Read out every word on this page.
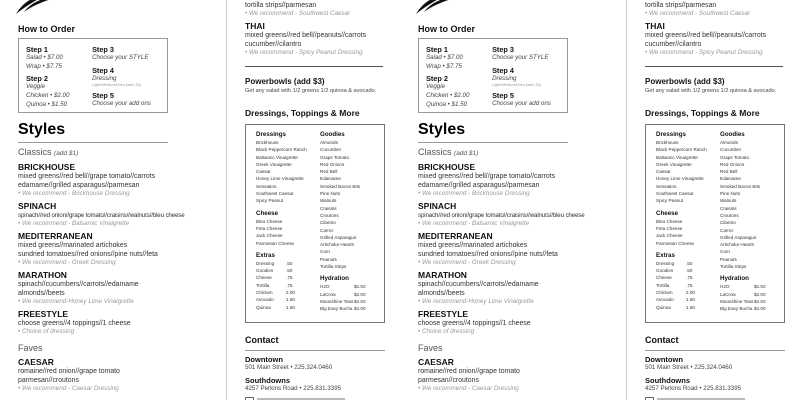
How to Order
Step 1
Salad • $7.00
Wrap • $7.75
Step 2
Veggie
Chicken • $2.00
Quinoa • $1.50
Step 3
Choose your STYLE
Step 4
Dressing
Light/Medium/Extra (add .50)
Step 5
Choose your add ons
Styles
Classics (add $1)
BRICKHOUSE
mixed greens//red bell//grape tomato//carrots
edamame//grilled asparagus//parmesan
• We recommend - Brickhouse Dressing
SPINACH
spinach//red onion//grape tomato//craisins//walnuts//bleu cheese
• We recommend - Balsamic Vinaigrette
MEDITERRANEAN
mixed greens//marinated artichokes
sundried tomatoes//red onions//pine nuts//feta
• We recommend - Greek Dressing
MARATHON
spinach//cucumbers//carrots//edamame
almonds//beets
• We recommend-Honey Lime Vinaigrette
FREESTYLE
choose greens//4 toppings//1 cheese
• Choice of dressing
Faves
CAESAR
romaine//red onion//grape tomato
parmesan//croutons
• We recommend - Caesar Dressing
tortilla strips//parmesan
• We recommend - Southwest Caesar
THAI
mixed greens//red bell//peanuts//carrots
cucumber//cilantro
• We recommend - Spicy Peanut Dressing
Powerbowls (add $3)
Get any salad with 1/2 greens 1/2 quinoa & avocado.
Dressings, Toppings & More
Dressings
Brickhouse
Black Peppercorn Ranch
Balsamic Vinaigrette
Greek Vinaigrette
Caesar
Honey Lime Vinaigrette
Sensation
Southwest Caesar
Spicy Peanut
Cheese
Bleu Cheese
Feta Cheese
Jack Cheese
Parmesan Cheese
Extras
Dressing	.50
Goodies	.50
Cheese	.75
Tortilla	.75
Chicken	2.00
Avocado	1.50
Quinoa	1.50
Goodies
Almonds
Cucumber
Grape Tomato
Red Onions
Red Bell
Edamame
Smoked Bacon Bits
Pine Nuts
Walnuts
Craisins
Croutons
Cilantro
Carrot
Grilled Asparagus
Artichoke Hearts
Corn
Peanuts
Tortilla Strips
Hydration
H2O	$2.50
LaCroix	$2.00
Moonshine Teas $2.50
Big Easy Bucha $4.00
Contact
Downtown
501 Main Street • 225.324.0460
Southdowns
4257 Perkins Road • 225.831.3395
How to Order
Step 1
Salad • $7.00
Wrap • $7.75
Step 2
Veggie
Chicken • $2.00
Quinoa • $1.50
Step 3
Choose your STYLE
Step 4
Dressing
Light/Medium/Extra (add .50)
Step 5
Choose your add ons
Styles
Classics (add $1)
BRICKHOUSE
mixed greens//red bell//grape tomato//carrots
edamame//grilled asparagus//parmesan
• We recommend - Brickhouse Dressing
SPINACH
spinach//red onion//grape tomato//craisins//walnuts//bleu cheese
• We recommend - Balsamic Vinaigrette
MEDITERRANEAN
mixed greens//marinated artichokes
sundried tomatoes//red onions//pine nuts//feta
• We recommend - Greek Dressing
MARATHON
spinach//cucumbers//carrots//edamame
almonds//beets
• We recommend-Honey Lime Vinaigrette
FREESTYLE
choose greens//4 toppings//1 cheese
• Choice of dressing
Faves
CAESAR
romaine//red onion//grape tomato
parmesan//croutons
• We recommend - Caesar Dressing
tortilla strips//parmesan
• We recommend - Southwest Caesar
THAI
mixed greens//red bell//peanuts//carrots
cucumber//cilantro
• We recommend - Spicy Peanut Dressing
Powerbowls (add $3)
Get any salad with 1/2 greens 1/2 quinoa & avocado.
Dressings, Toppings & More
Dressings
Brickhouse
Black Peppercorn Ranch
Balsamic Vinaigrette
Greek Vinaigrette
Caesar
Honey Lime Vinaigrette
Sensation
Southwest Caesar
Spicy Peanut
Cheese
Bleu Cheese
Feta Cheese
Jack Cheese
Parmesan Cheese
Extras
Dressing	.50
Goodies	.50
Cheese	.75
Tortilla	.75
Chicken	2.00
Avocado	1.50
Quinoa	1.50
Goodies
Almonds
Cucumber
Grape Tomato
Red Onions
Red Bell
Edamame
Smoked Bacon Bits
Pine Nuts
Walnuts
Craisins
Croutons
Cilantro
Carrot
Grilled Asparagus
Artichoke Hearts
Corn
Peanuts
Tortilla Strips
Hydration
H2O	$2.50
LaCroix	$2.00
Moonshine Teas $2.50
Big Easy Bucha $4.00
Contact
Downtown
501 Main Street • 225.324.0460
Southdowns
4257 Perkins Road • 225.831.3395
